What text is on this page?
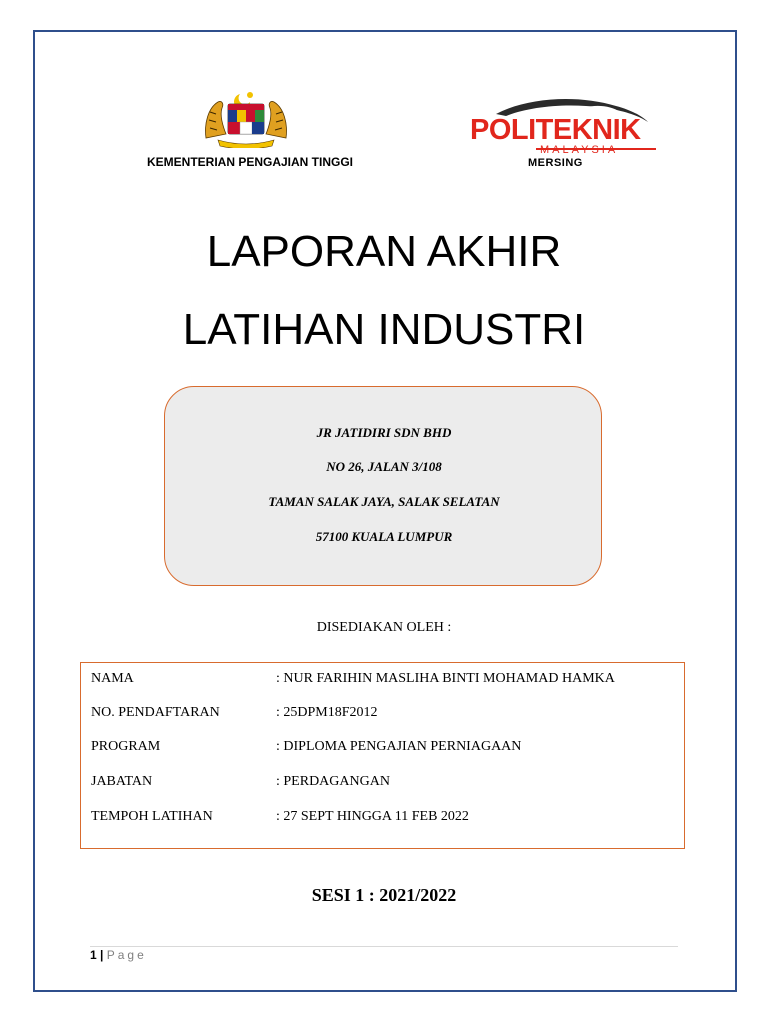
KEMENTERIAN PENGAJIAN TINGGI
POLITEKNIK
MALAYSIA
MERSING
LAPORAN AKHIR
LATIHAN INDUSTRI
JR JATIDIRI SDN BHD
NO 26, JALAN 3/108
TAMAN SALAK JAYA, SALAK SELATAN
57100 KUALA LUMPUR
DISEDIAKAN OLEH :
NAMA	: NUR FARIHIN MASLIHA BINTI MOHAMAD HAMKA
NO. PENDAFTARAN	: 25DPM18F2012
PROGRAM	: DIPLOMA PENGAJIAN PERNIAGAAN
JABATAN	: PERDAGANGAN
TEMPOH LATIHAN	: 27 SEPT HINGGA 11 FEB 2022
SESI 1 : 2021/2022
1 | Page
